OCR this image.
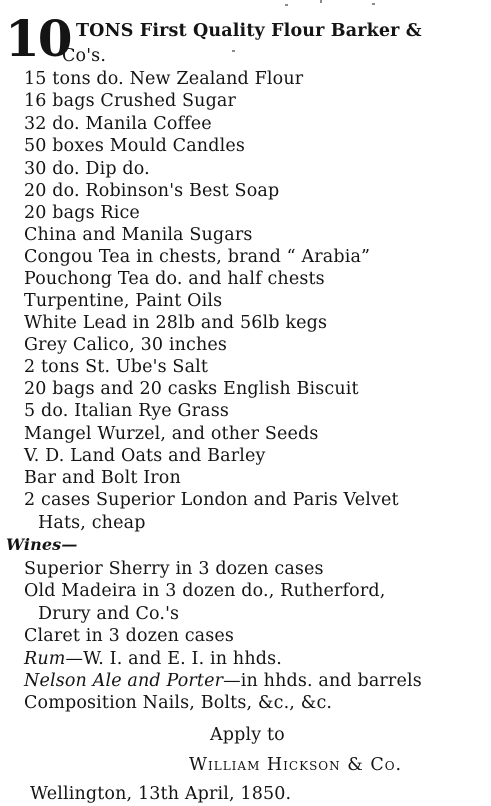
10 TONS First Quality Flour Barker &
Co's.
15 tons do. New Zealand Flour
16 bags Crushed Sugar
32 do. Manila Coffee
50 boxes Mould Candles
30 do. Dip do.
20 do. Robinson's Best Soap
20 bags Rice
China and Manila Sugars
Congou Tea in chests, brand “ Arabia”
Pouchong Tea do. and half chests
Turpentine, Paint Oils
White Lead in 28lb and 56lb kegs
Grey Calico, 30 inches
2 tons St. Ube's Salt
20 bags and 20 casks English Biscuit
5 do. Italian Rye Grass
Mangel Wurzel, and other Seeds
V. D. Land Oats and Barley
Bar and Bolt Iron
2 cases Superior London and Paris Velvet
Hats, cheap
Wines—
Superior Sherry in 3 dozen cases
Old Madeira in 3 dozen do., Rutherford,
Drury and Co.'s
Claret in 3 dozen cases
Rum—W. I. and E. I. in hhds.
Nelson Ale and Porter—in hhds. and barrels
Composition Nails, Bolts, &c., &c.
Apply to
William Hickson & Co.
Wellington, 13th April, 1850.
